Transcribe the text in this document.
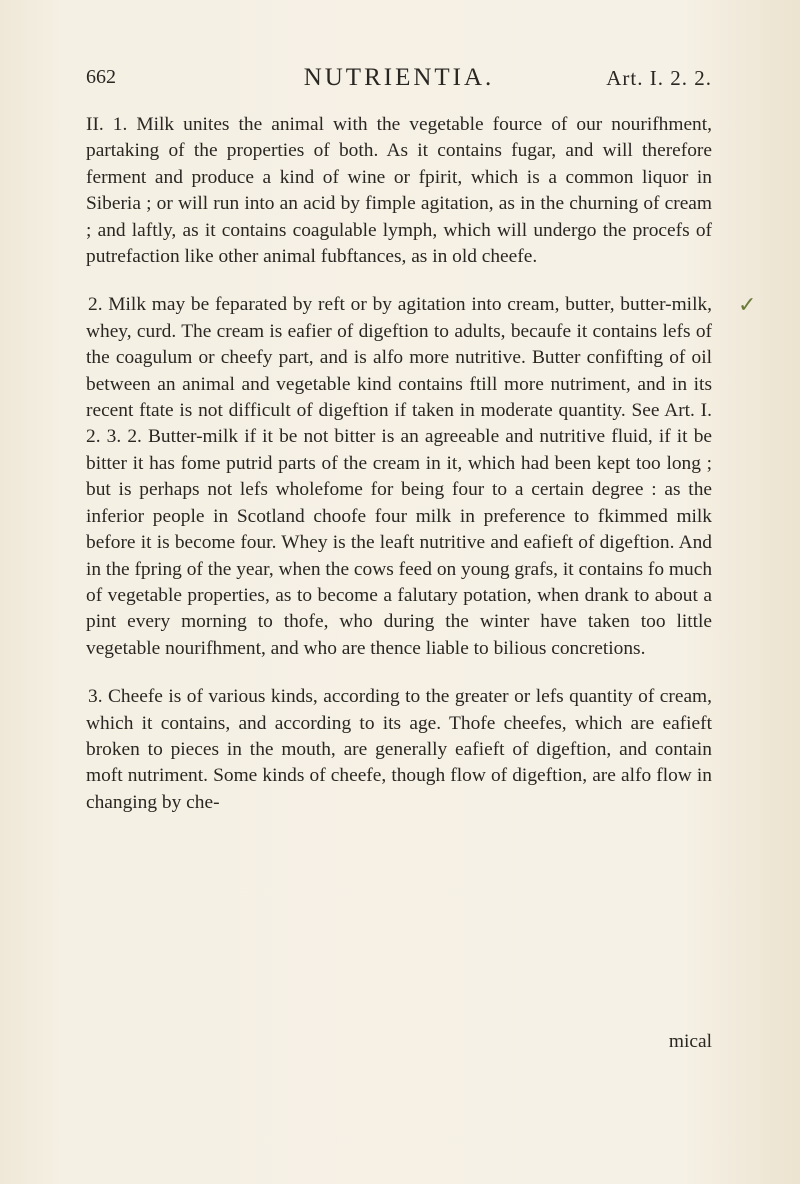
662	NUTRIENTIA.	Art. I. 2. 2.

II. 1. Milk unites the animal with the vegetable fource of our nourifhment, partaking of the properties of both. As it contains fugar, and will therefore ferment and produce a kind of wine or fpirit, which is a common liquor in Siberia ; or will run into an acid by fimple agitation, as in the churning of cream ; and laftly, as it contains coagulable lymph, which will undergo the procefs of putrefaction like other animal fubftances, as in old cheefe.

2. Milk may be feparated by reft or by agitation into cream, butter, butter-milk, whey, curd. The cream is eafier of digeftion to adults, becaufe it contains lefs of the coagulum or cheefy part, and is alfo more nutritive. Butter confifting of oil between an animal and vegetable kind contains ftill more nutriment, and in its recent ftate is not difficult of digeftion if taken in moderate quantity. See Art. I. 2. 3. 2. Butter-milk if it be not bitter is an agreeable and nutritive fluid, if it be bitter it has fome putrid parts of the cream in it, which had been kept too long ; but is perhaps not lefs wholefome for being four to a certain degree : as the inferior people in Scotland choofe four milk in preference to fkimmed milk before it is become four. Whey is the leaft nutritive and eafieft of digeftion. And in the fpring of the year, when the cows feed on young grafs, it contains fo much of vegetable properties, as to become a falutary potation, when drank to about a pint every morning to thofe, who during the winter have taken too little vegetable nourifhment, and who are thence liable to bilious concretions.

3. Cheefe is of various kinds, according to the greater or lefs quantity of cream, which it contains, and according to its age. Thofe cheefes, which are eafieft broken to pieces in the mouth, are generally eafieft of digeftion, and contain moft nutriment. Some kinds of cheefe, though flow of digeftion, are alfo flow in changing by che-

✓
mical
